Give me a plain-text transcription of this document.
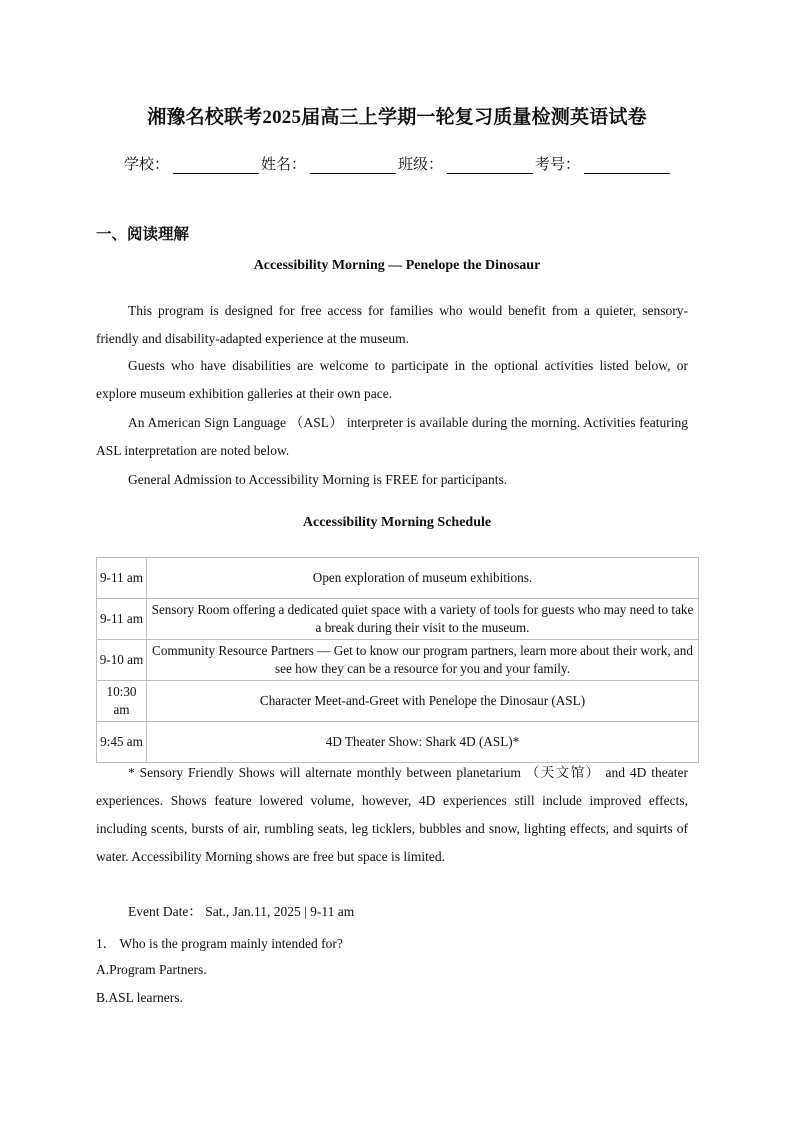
湘豫名校联考2025届高三上学期一轮复习质量检测英语试卷
学校：	姓名：	班级：	考号：
一、阅读理解
Accessibility Morning — Penelope the Dinosaur

This program is designed for free access for families who would benefit from a quieter, sensory-friendly and disability-adapted experience at the museum.

Guests who have disabilities are welcome to participate in the optional activities listed below, or explore museum exhibition galleries at their own pace.

An American Sign Language （ASL） interpreter is available during the morning. Activities featuring ASL interpretation are noted below.

General Admission to Accessibility Morning is FREE for participants.

Accessibility Morning Schedule
9-11 am	Open exploration of museum exhibitions.
9-11 am	Sensory Room offering a dedicated quiet space with a variety of tools for guests who may need to take a break during their visit to the museum.
9-10 am	Community Resource Partners — Get to know our program partners, learn more about their work, and see how they can be a resource for you and your family.
10:30 am	Character Meet-and-Greet with Penelope the Dinosaur (ASL)
9:45 am	4D Theater Show: Shark 4D (ASL)*

* Sensory Friendly Shows will alternate monthly between planetarium （天文馆） and 4D theater experiences. Shows feature lowered volume, however, 4D experiences still include improved effects, including scents, bursts of air, rumbling seats, leg ticklers, bubbles and snow, lighting effects, and squirts of water. Accessibility Morning shows are free but space is limited.

Event Date： Sat., Jan.11, 2025 | 9-11 am

1． Who is the program mainly intended for?

A.Program Partners.

B.ASL learners.
